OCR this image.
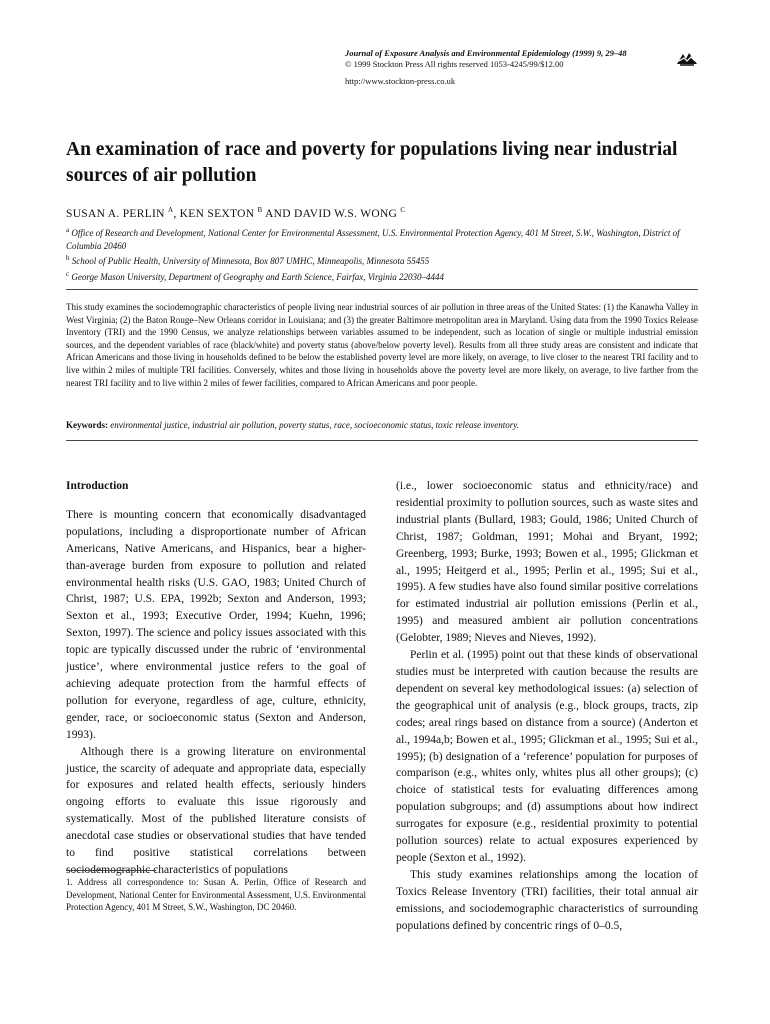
Journal of Exposure Analysis and Environmental Epidemiology (1999) 9, 29–48
© 1999 Stockton Press All rights reserved 1053-4245/99/$12.00
http://www.stockton-press.co.uk
An examination of race and poverty for populations living near industrial sources of air pollution
SUSAN A. PERLIN $^A$, KEN SEXTON $^B$ AND DAVID W.S. WONG $^C$
$^a$ Office of Research and Development, National Center for Environmental Assessment, U.S. Environmental Protection Agency, 401 M Street, S.W., Washington, District of Columbia 20460
$^b$ School of Public Health, University of Minnesota, Box 807 UMHC, Minneapolis, Minnesota 55455
$^c$ George Mason University, Department of Geography and Earth Science, Fairfax, Virginia 22030–4444

This study examines the sociodemographic characteristics of people living near industrial sources of air pollution in three areas of the United States: (1) the Kanawha Valley in West Virginia; (2) the Baton Rouge–New Orleans corridor in Louisiana; and (3) the greater Baltimore metropolitan area in Maryland. Using data from the 1990 Toxics Release Inventory (TRI) and the 1990 Census, we analyze relationships between variables assumed to be independent, such as location of single or multiple industrial emission sources, and the dependent variables of race (black/white) and poverty status (above/below poverty level). Results from all three study areas are consistent and indicate that African Americans and those living in households defined to be below the established poverty level are more likely, on average, to live closer to the nearest TRI facility and to live within 2 miles of multiple TRI facilities. Conversely, whites and those living in households above the poverty level are more likely, on average, to live farther from the nearest TRI facility and to live within 2 miles of fewer facilities, compared to African Americans and poor people.

Keywords: environmental justice, industrial air pollution, poverty status, race, socioeconomic status, toxic release inventory.
Introduction

There is mounting concern that economically disadvantaged populations, including a disproportionate number of African Americans, Native Americans, and Hispanics, bear a higher-than-average burden from exposure to pollution and related environmental health risks (U.S. GAO, 1983; United Church of Christ, 1987; U.S. EPA, 1992b; Sexton and Anderson, 1993; Sexton et al., 1993; Executive Order, 1994; Kuehn, 1996; Sexton, 1997). The science and policy issues associated with this topic are typically discussed under the rubric of ‘environmental justice’, where environmental justice refers to the goal of achieving adequate protection from the harmful effects of pollution for everyone, regardless of age, culture, ethnicity, gender, race, or socioeconomic status (Sexton and Anderson, 1993).

Although there is a growing literature on environmental justice, the scarcity of adequate and appropriate data, especially for exposures and related health effects, seriously hinders ongoing efforts to evaluate this issue rigorously and systematically. Most of the published literature consists of anecdotal case studies or observational studies that have tended to find positive statistical correlations between sociodemographic characteristics of populations

(i.e., lower socioeconomic status and ethnicity/race) and residential proximity to pollution sources, such as waste sites and industrial plants (Bullard, 1983; Gould, 1986; United Church of Christ, 1987; Goldman, 1991; Mohai and Bryant, 1992; Greenberg, 1993; Burke, 1993; Bowen et al., 1995; Glickman et al., 1995; Heitgerd et al., 1995; Perlin et al., 1995; Sui et al., 1995). A few studies have also found similar positive correlations for estimated industrial air pollution emissions (Perlin et al., 1995) and measured ambient air pollution concentrations (Gelobter, 1989; Nieves and Nieves, 1992).

Perlin et al. (1995) point out that these kinds of observational studies must be interpreted with caution because the results are dependent on several key methodological issues: (a) selection of the geographical unit of analysis (e.g., block groups, tracts, zip codes; areal rings based on distance from a source) (Anderton et al., 1994a,b; Bowen et al., 1995; Glickman et al., 1995; Sui et al., 1995); (b) designation of a ‘reference’ population for purposes of comparison (e.g., whites only, whites plus all other groups); (c) choice of statistical tests for evaluating differences among population subgroups; and (d) assumptions about how indirect surrogates for exposure (e.g., residential proximity to potential pollution sources) relate to actual exposures experienced by people (Sexton et al., 1992).

This study examines relationships among the location of Toxics Release Inventory (TRI) facilities, their total annual air emissions, and sociodemographic characteristics of surrounding populations defined by concentric rings of 0–0.5,

1. Address all correspondence to: Susan A. Perlin, Office of Research and Development, National Center for Environmental Assessment, U.S. Environmental Protection Agency, 401 M Street, S.W., Washington, DC 20460.
